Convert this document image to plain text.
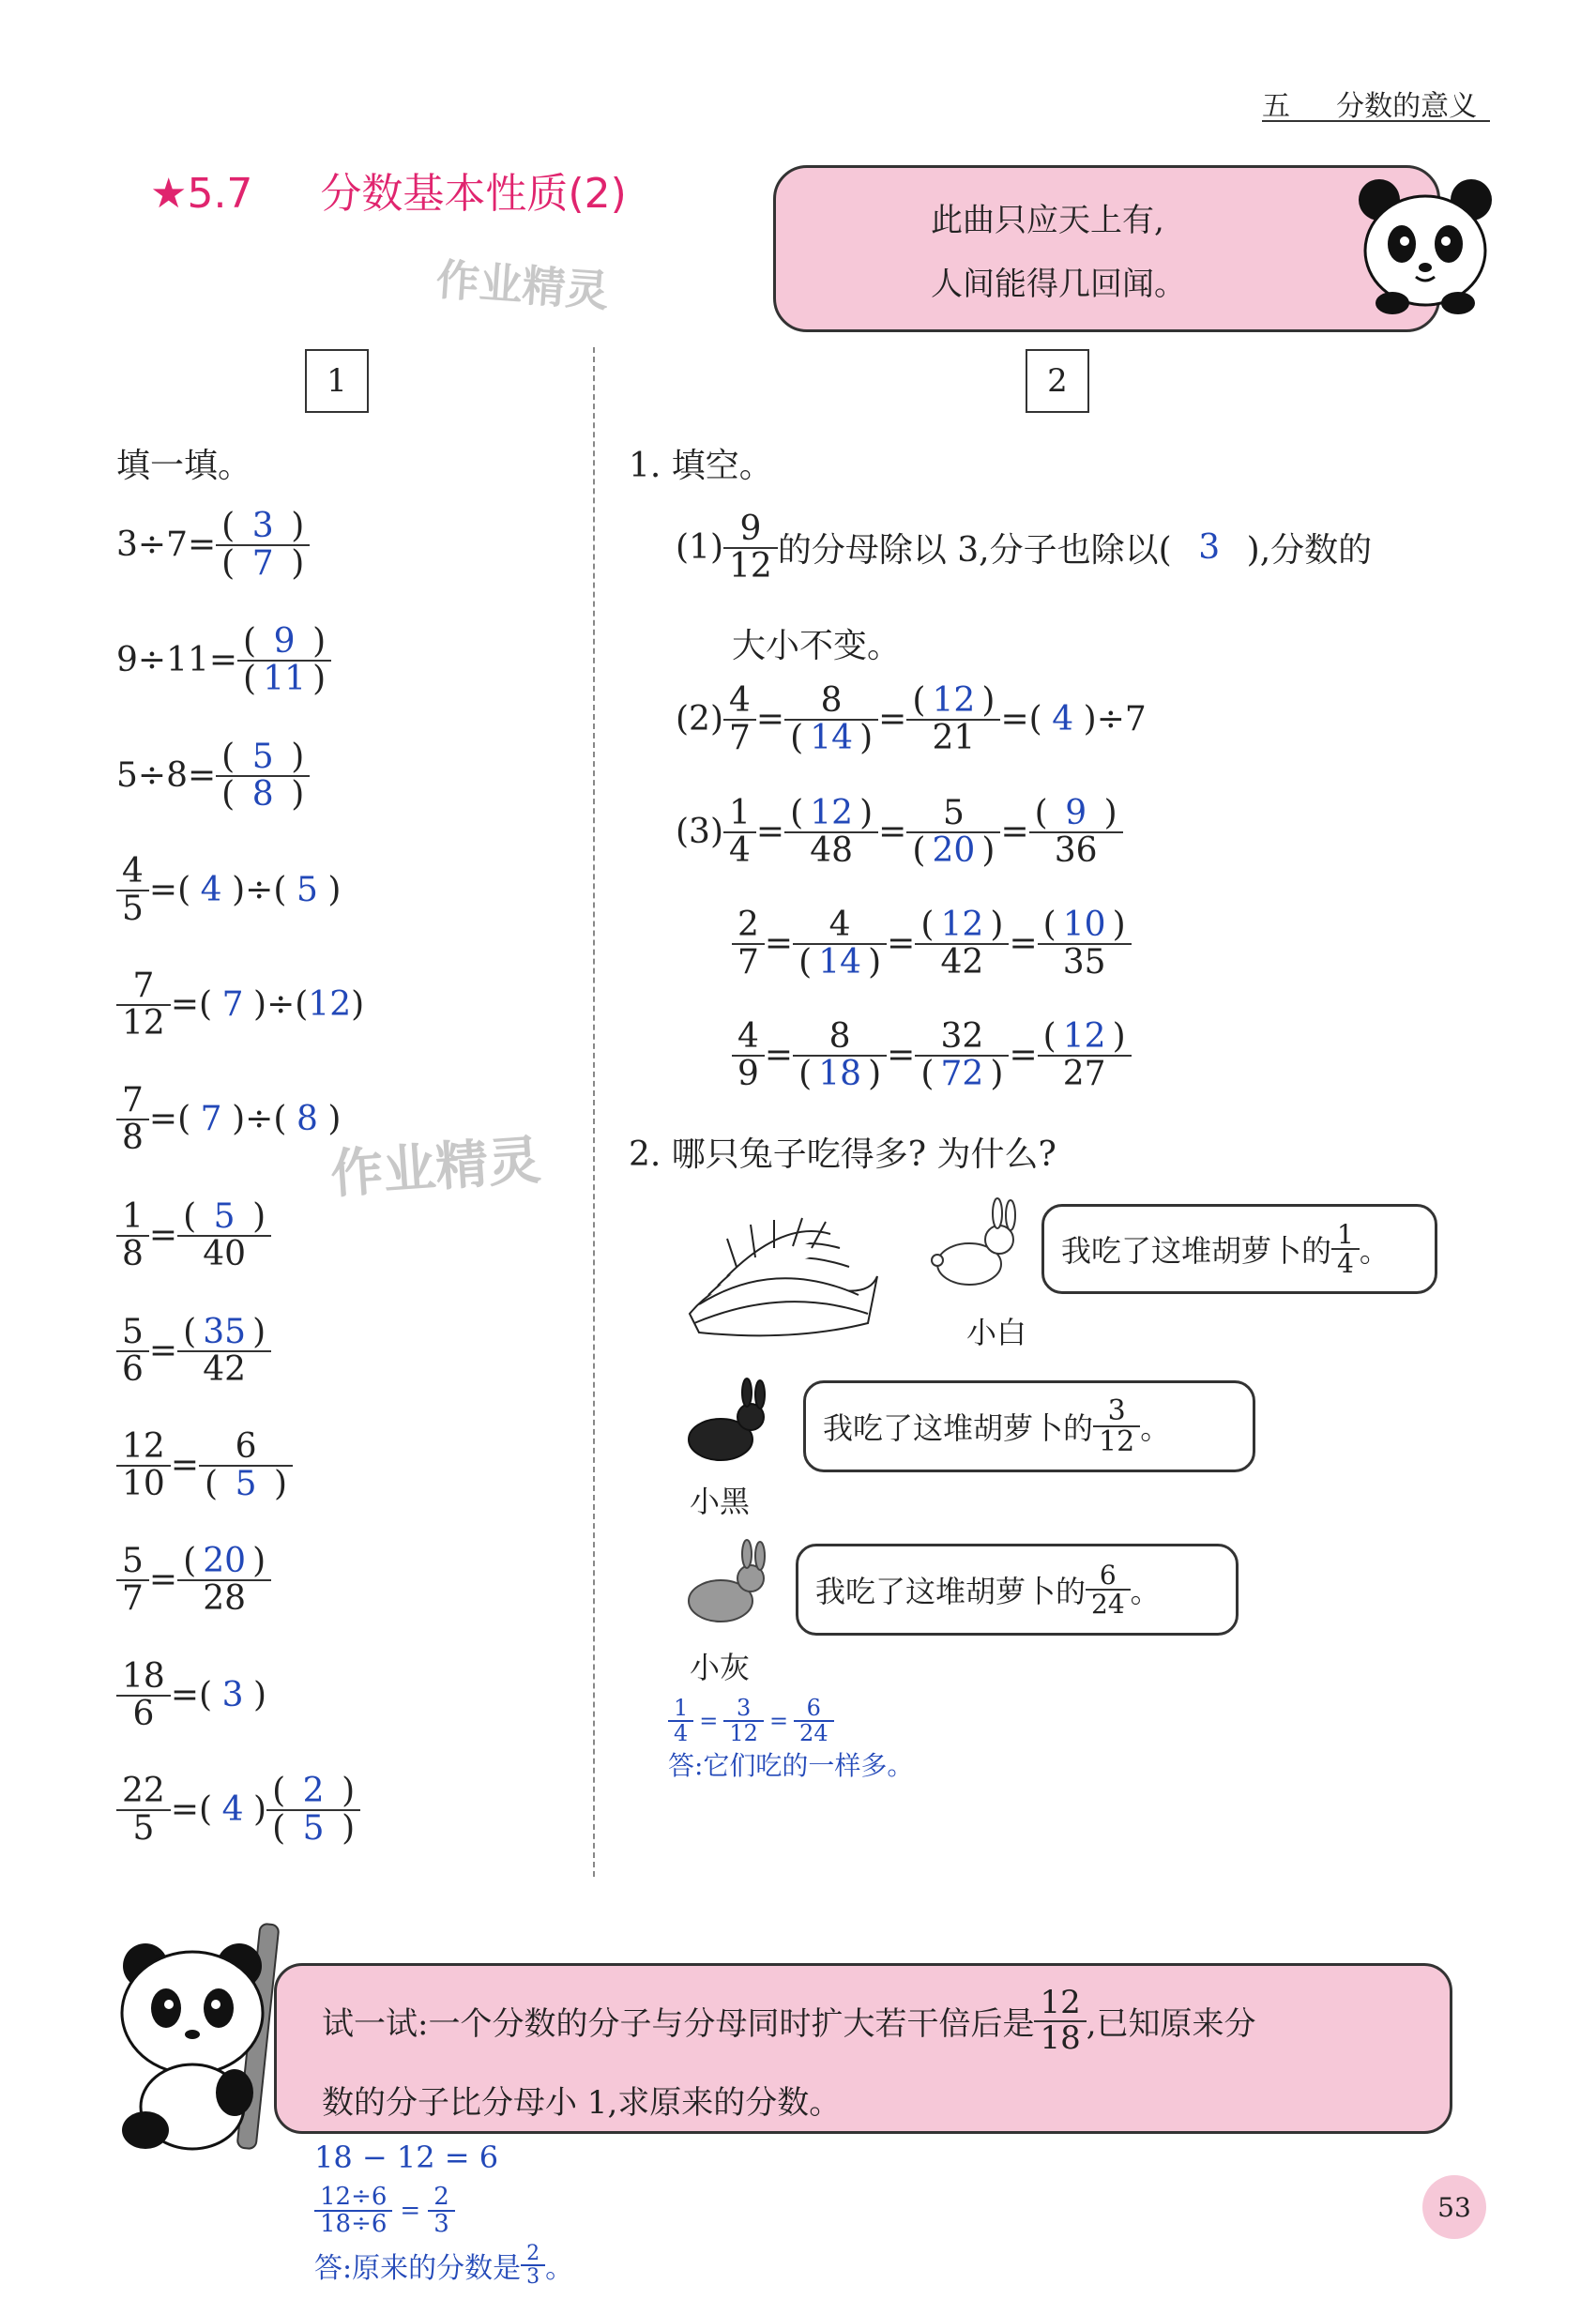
五 分数的意义
★5.7 分数基本性质(2)
作业精灵
此曲只应天上有,
人间能得几回闻。
1
填一填。
$3\div 7= \frac{( 3 )}{( 7 )}$
$9\div 11= \frac{( 9 )}{( 11 )}$
$5\div 8= \frac{( 5 )}{( 8 )}$
$\frac{4}{5}$ = ( 4 )÷( 5 )
$\frac{7}{12}$ = ( 7 )÷( 12 )
$\frac{7}{8}$ = ( 7 )÷( 8 )
作业精灵
$\frac{1}{8} = \frac{( 5 )}{40}$
$\frac{5}{6} = \frac{( 35 )}{42}$
$\frac{12}{10} = \frac{6}{( 5 )}$
$\frac{5}{7} = \frac{( 20 )}{28}$
$\frac{18}{6}$ = ( 3 )
$\frac{22}{5}$ = ( 4 ) $\frac{( 2 )}{( 5 )}$
2
1. 填空。
$(1) \frac{9}{12}$ 的分母除以 3,分子也除以( 3 ),分数的
大小不变。
$(2) \frac{4}{7} = \frac{8}{( 14 )} = \frac{( 12 )}{21}$ = ( 4 )÷7
$(3) \frac{1}{4} = \frac{( 12 )}{48} = \frac{5}{( 20 )} = \frac{( 9 )}{36}$
$\frac{2}{7} = \frac{4}{( 14 )} = \frac{( 12 )}{42} = \frac{( 10 )}{35}$
$\frac{4}{9} = \frac{8}{( 18 )} = \frac{32}{( 72 )} = \frac{( 12 )}{27}$
2. 哪只兔子吃得多? 为什么?
小白
我吃了这堆胡萝卜的 $\frac{1}{4}$ 。
小黑
我吃了这堆胡萝卜的 $\frac{3}{12}$ 。
小灰
我吃了这堆胡萝卜的 $\frac{6}{24}$ 。
$\frac{1}{4} = \frac{3}{12} = \frac{6}{24}$
答:它们吃的一样多。
试一试:一个分数的分子与分母同时扩大若干倍后是 $\frac{12}{18}$ ,已知原来分
数的分子比分母小 1,求原来的分数。
18 − 12 = 6
$\frac{12\div 6}{18\div 6} = \frac{2}{3}$
答:原来的分数是 $\frac{2}{3}$ 。
53
